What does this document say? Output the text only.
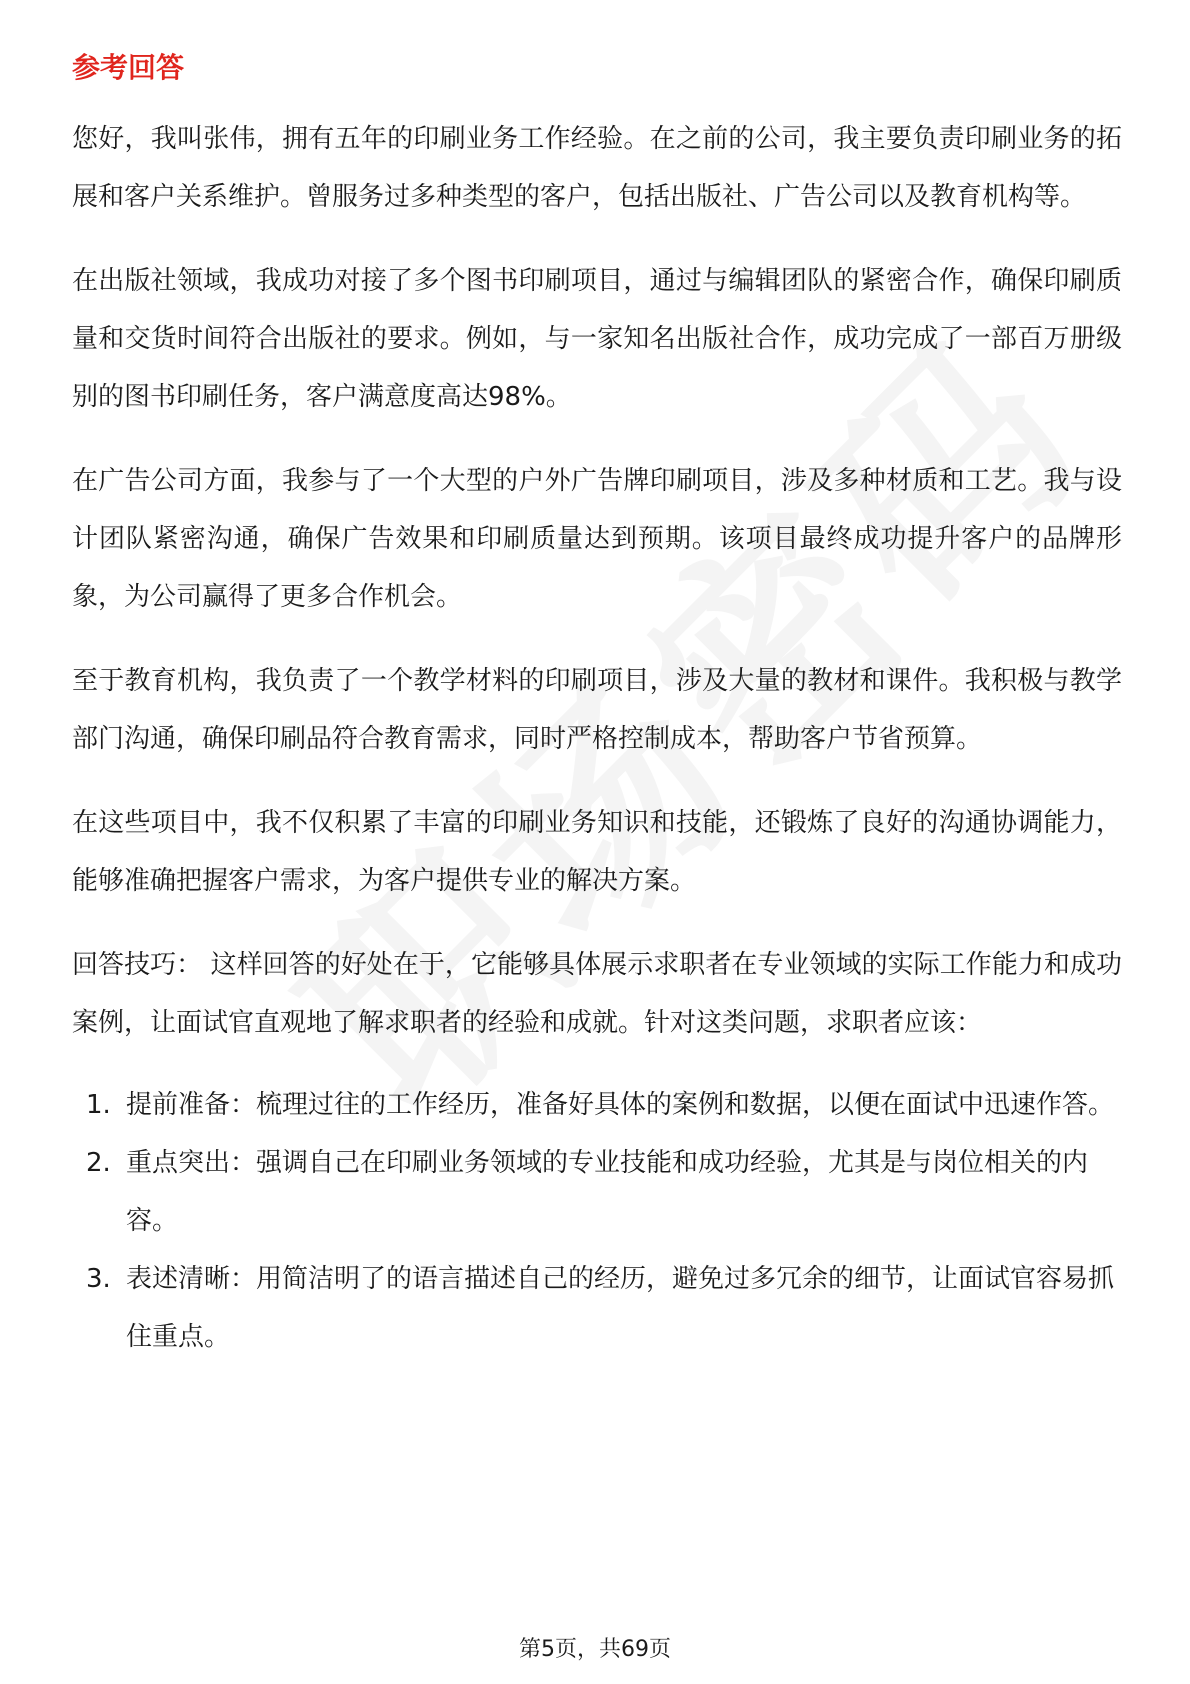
参考回答

您好，我叫张伟，拥有五年的印刷业务工作经验。在之前的公司，我主要负责印刷业务的拓展和客户关系维护。曾服务过多种类型的客户，包括出版社、广告公司以及教育机构等。

在出版社领域，我成功对接了多个图书印刷项目，通过与编辑团队的紧密合作，确保印刷质量和交货时间符合出版社的要求。例如，与一家知名出版社合作，成功完成了一部百万册级别的图书印刷任务，客户满意度高达98%。

在广告公司方面，我参与了一个大型的户外广告牌印刷项目，涉及多种材质和工艺。我与设计团队紧密沟通，确保广告效果和印刷质量达到预期。该项目最终成功提升客户的品牌形象，为公司赢得了更多合作机会。

至于教育机构，我负责了一个教学材料的印刷项目，涉及大量的教材和课件。我积极与教学部门沟通，确保印刷品符合教育需求，同时严格控制成本，帮助客户节省预算。

在这些项目中，我不仅积累了丰富的印刷业务知识和技能，还锻炼了良好的沟通协调能力，能够准确把握客户需求，为客户提供专业的解决方案。

回答技巧： 这样回答的好处在于，它能够具体展示求职者在专业领域的实际工作能力和成功案例，让面试官直观地了解求职者的经验和成就。针对这类问题，求职者应该：

1. 提前准备：梳理过往的工作经历，准备好具体的案例和数据，以便在面试中迅速作答。
2. 重点突出：强调自己在印刷业务领域的专业技能和成功经验，尤其是与岗位相关的内容。
3. 表述清晰：用简洁明了的语言描述自己的经历，避免过多冗余的细节，让面试官容易抓住重点。
第5页，共69页
